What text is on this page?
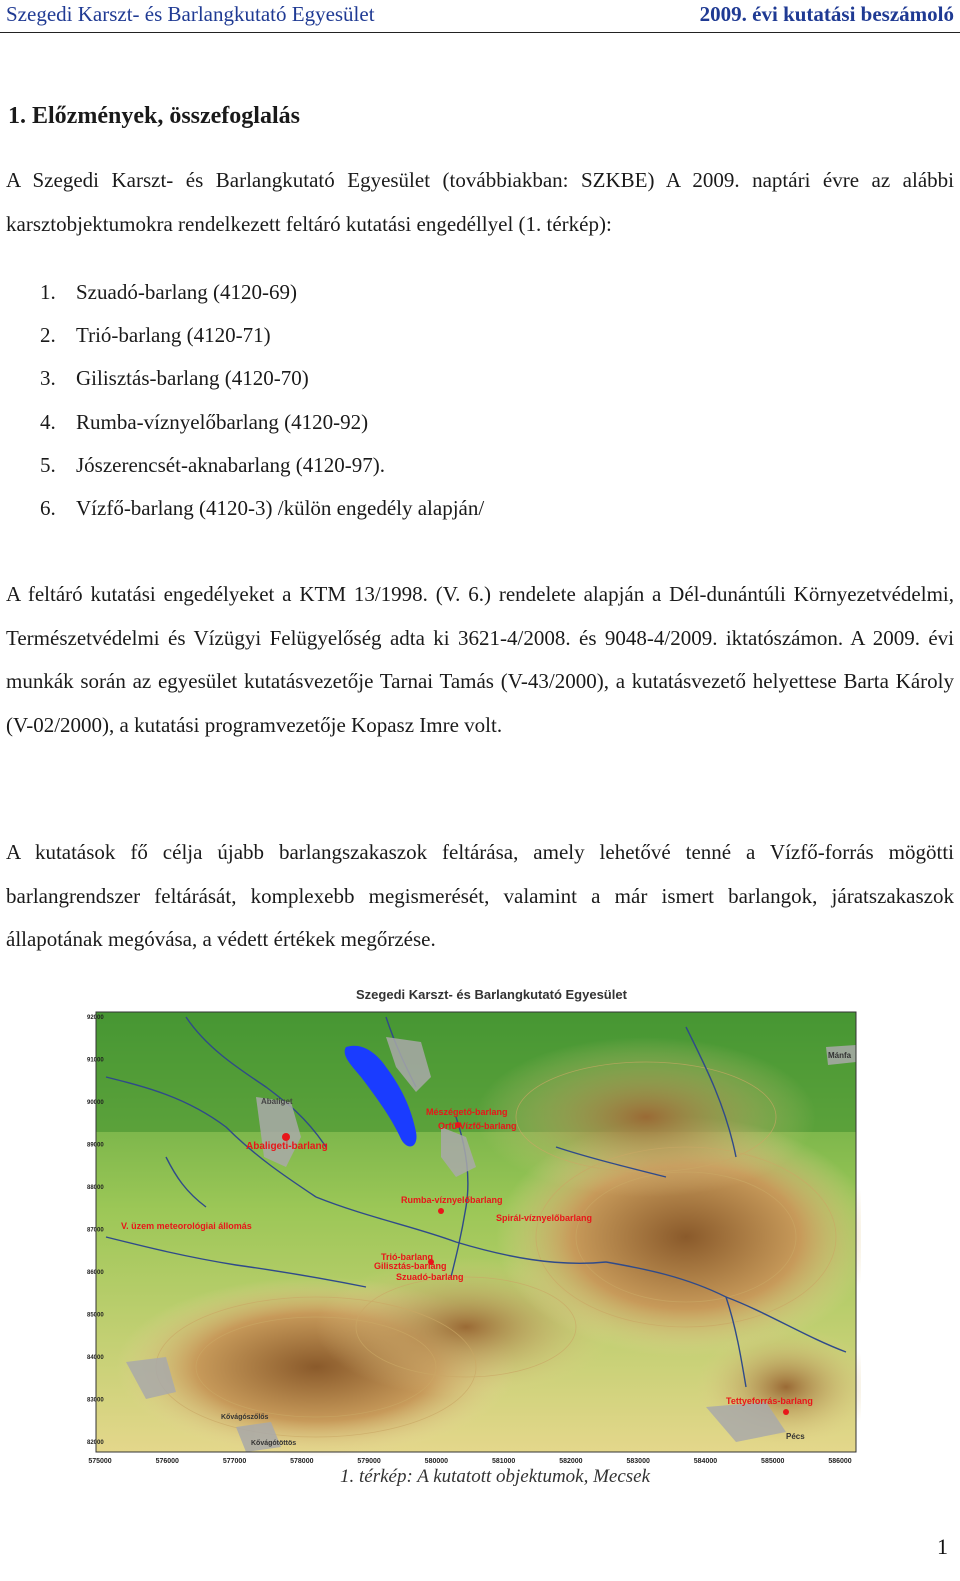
Szegedi Karszt- és Barlangkutató Egyesület	2009. évi kutatási beszámoló
1. Előzmények, összefoglalás

A Szegedi Karszt- és Barlangkutató Egyesület (továbbiakban: SZKBE) A 2009. naptári évre az alábbi karsztobjektumokra rendelkezett feltáró kutatási engedéllyel (1. térkép):

1. Szuadó-barlang (4120-69)
2. Trió-barlang (4120-71)
3. Gilisztás-barlang (4120-70)
4. Rumba-víznyelőbarlang (4120-92)
5. Jószerencsét-aknabarlang (4120-97).
6. Vízfő-barlang (4120-3) /külön engedély alapján/

A feltáró kutatási engedélyeket a KTM 13/1998. (V. 6.) rendelete alapján a Dél-dunántúli Környezetvédelmi, Természetvédelmi és Vízügyi Felügyelőség adta ki 3621-4/2008. és 9048-4/2009. iktatószámon. A 2009. évi munkák során az egyesület kutatásvezetője Tarnai Tamás (V-43/2000), a kutatásvezető helyettese Barta Károly (V-02/2000), a kutatási programvezetője Kopasz Imre volt.

A kutatások fő célja újabb barlangszakaszok feltárása, amely lehetővé tenné a Vízfő-forrás mögötti barlangrendszer feltárását, komplexebb megismerését, valamint a már ismert barlangok, járatszakaszok állapotának megóvása, a védett értékek megőrzése.

Szegedi Karszt- és Barlangkutató Egyesület
Abaligeti-barlang
Abaliget
Mészégető-barlang
Orfű Vízfő-barlang
Rumba-víznyelőbarlang
Spirál-víznyelőbarlang
V. üzem meteorológiai állomás
Trió-barlang
Gilisztás-barlang
Szuadó-barlang
Tettyeforrás-barlang
Mánfa
Pécs
Kővágószőlős
Kővágótöttös
575000	576000	577000	578000	579000	580000	581000	582000	583000	584000	585000	586000
92000
91000
90000
89000
88000
87000
86000
85000
84000
83000
82000
1. térkép: A kutatott objektumok, Mecsek
1
